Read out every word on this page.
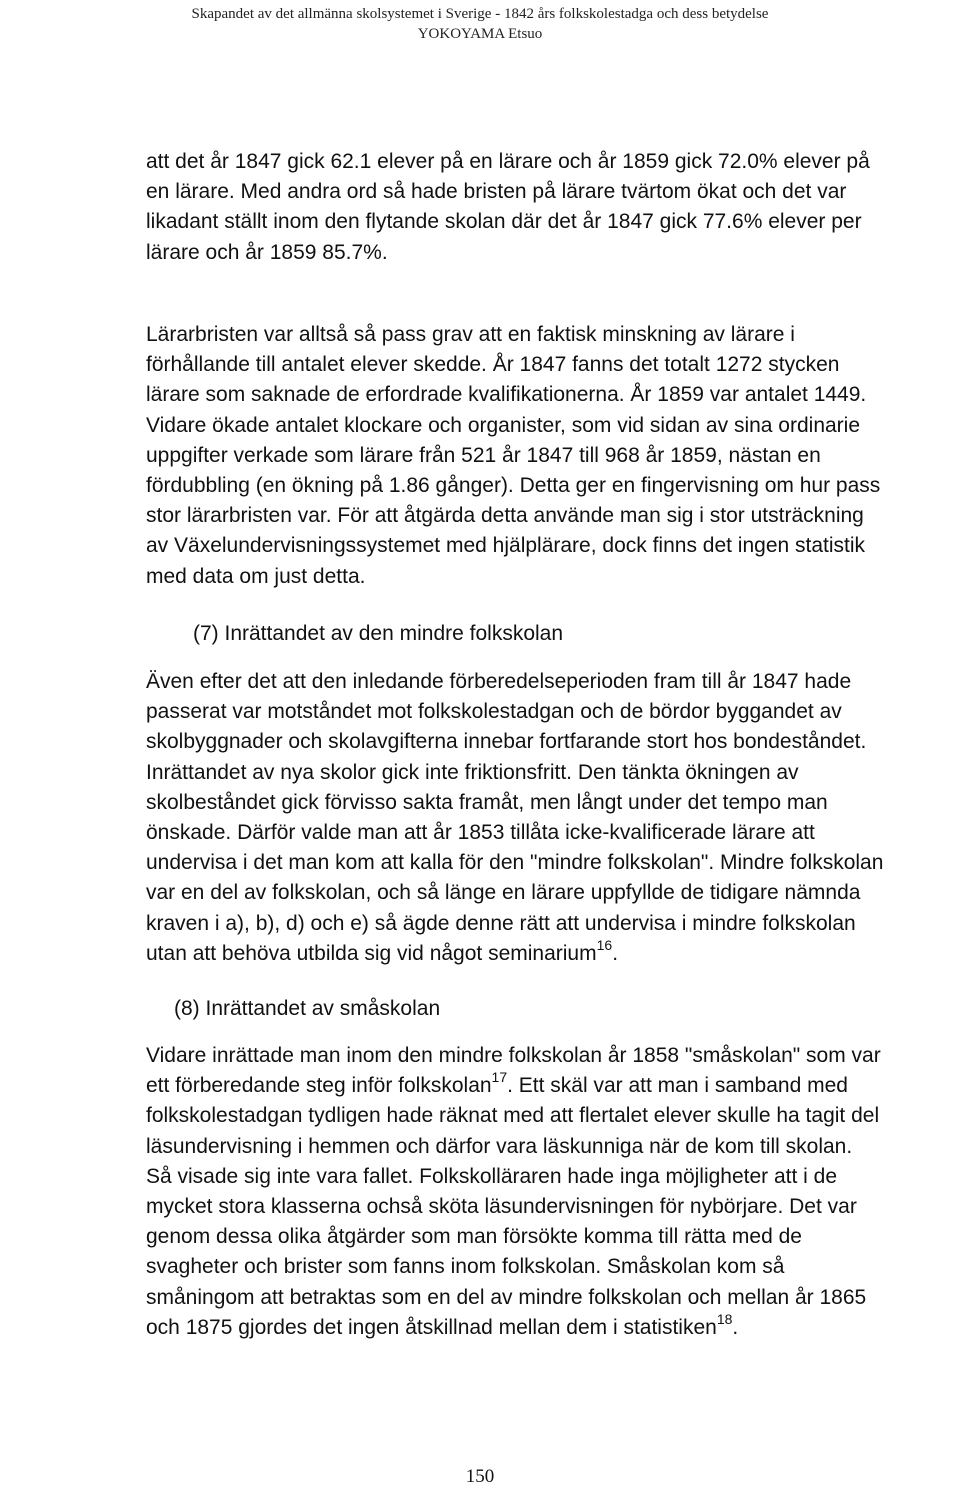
Skapandet av det allmänna skolsystemet i Sverige - 1842 års folkskolestadga och dess betydelse
YOKOYAMA Etsuo
att det år 1847 gick 62.1 elever på en lärare och år 1859 gick 72.0% elever på
en lärare. Med andra ord så hade bristen på lärare tvärtom ökat och det var
likadant ställt inom den flytande skolan där det år 1847 gick 77.6% elever per
lärare och år 1859 85.7%.
Lärarbristen var alltså så pass grav att en faktisk minskning av lärare i
förhållande till antalet elever skedde. År 1847 fanns det totalt 1272 stycken
lärare som saknade de erfordrade kvalifikationerna. År 1859 var antalet 1449.
Vidare ökade antalet klockare och organister, som vid sidan av sina ordinarie
uppgifter verkade som lärare från 521 år 1847 till 968 år 1859, nästan en
fördubbling (en ökning på 1.86 gånger). Detta ger en fingervisning om hur pass
stor lärarbristen var. För att åtgärda detta använde man sig i stor utsträckning
av Växelundervisningssystemet med hjälplärare, dock finns det ingen statistik
med data om just detta.
(7) Inrättandet av den mindre folkskolan
Även efter det att den inledande förberedelseperioden fram till år 1847 hade
passerat var motståndet mot folkskolestadgan och de bördor byggandet av
skolbyggnader och skolavgifterna innebar fortfarande stort hos bondeståndet.
Inrättandet av nya skolor gick inte friktionsfritt. Den tänkta ökningen av
skolbeståndet gick förvisso sakta framåt, men långt under det tempo man
önskade. Därför valde man att år 1853 tillåta icke-kvalificerade lärare att
undervisa i det man kom att kalla för den "mindre folkskolan". Mindre folkskolan
var en del av folkskolan, och så länge en lärare uppfyllde de tidigare nämnda
kraven i a), b), d) och e) så ägde denne rätt att undervisa i mindre folkskolan
utan att behöva utbilda sig vid något seminarium$^{16}$.
(8) Inrättandet av småskolan
Vidare inrättade man inom den mindre folkskolan år 1858 "småskolan" som var
ett förberedande steg inför folkskolan$^{17}$. Ett skäl var att man i samband med
folkskolestadgan tydligen hade räknat med att flertalet elever skulle ha tagit del
läsundervisning i hemmen och därfor vara läskunniga när de kom till skolan.
Så visade sig inte vara fallet. Folkskollärаren hade inga möjligheter att i de
mycket stora klasserna ochså sköta läsundervisningen för nybörjare. Det var
genom dessa olika åtgärder som man försökte komma till rätta med de
svagheter och brister som fanns inom folkskolan. Småskolan kom så
småningom att betraktas som en del av mindre folkskolan och mellan år 1865
och 1875 gjordes det ingen åtskillnad mellan dem i statistiken$^{18}$.
150
